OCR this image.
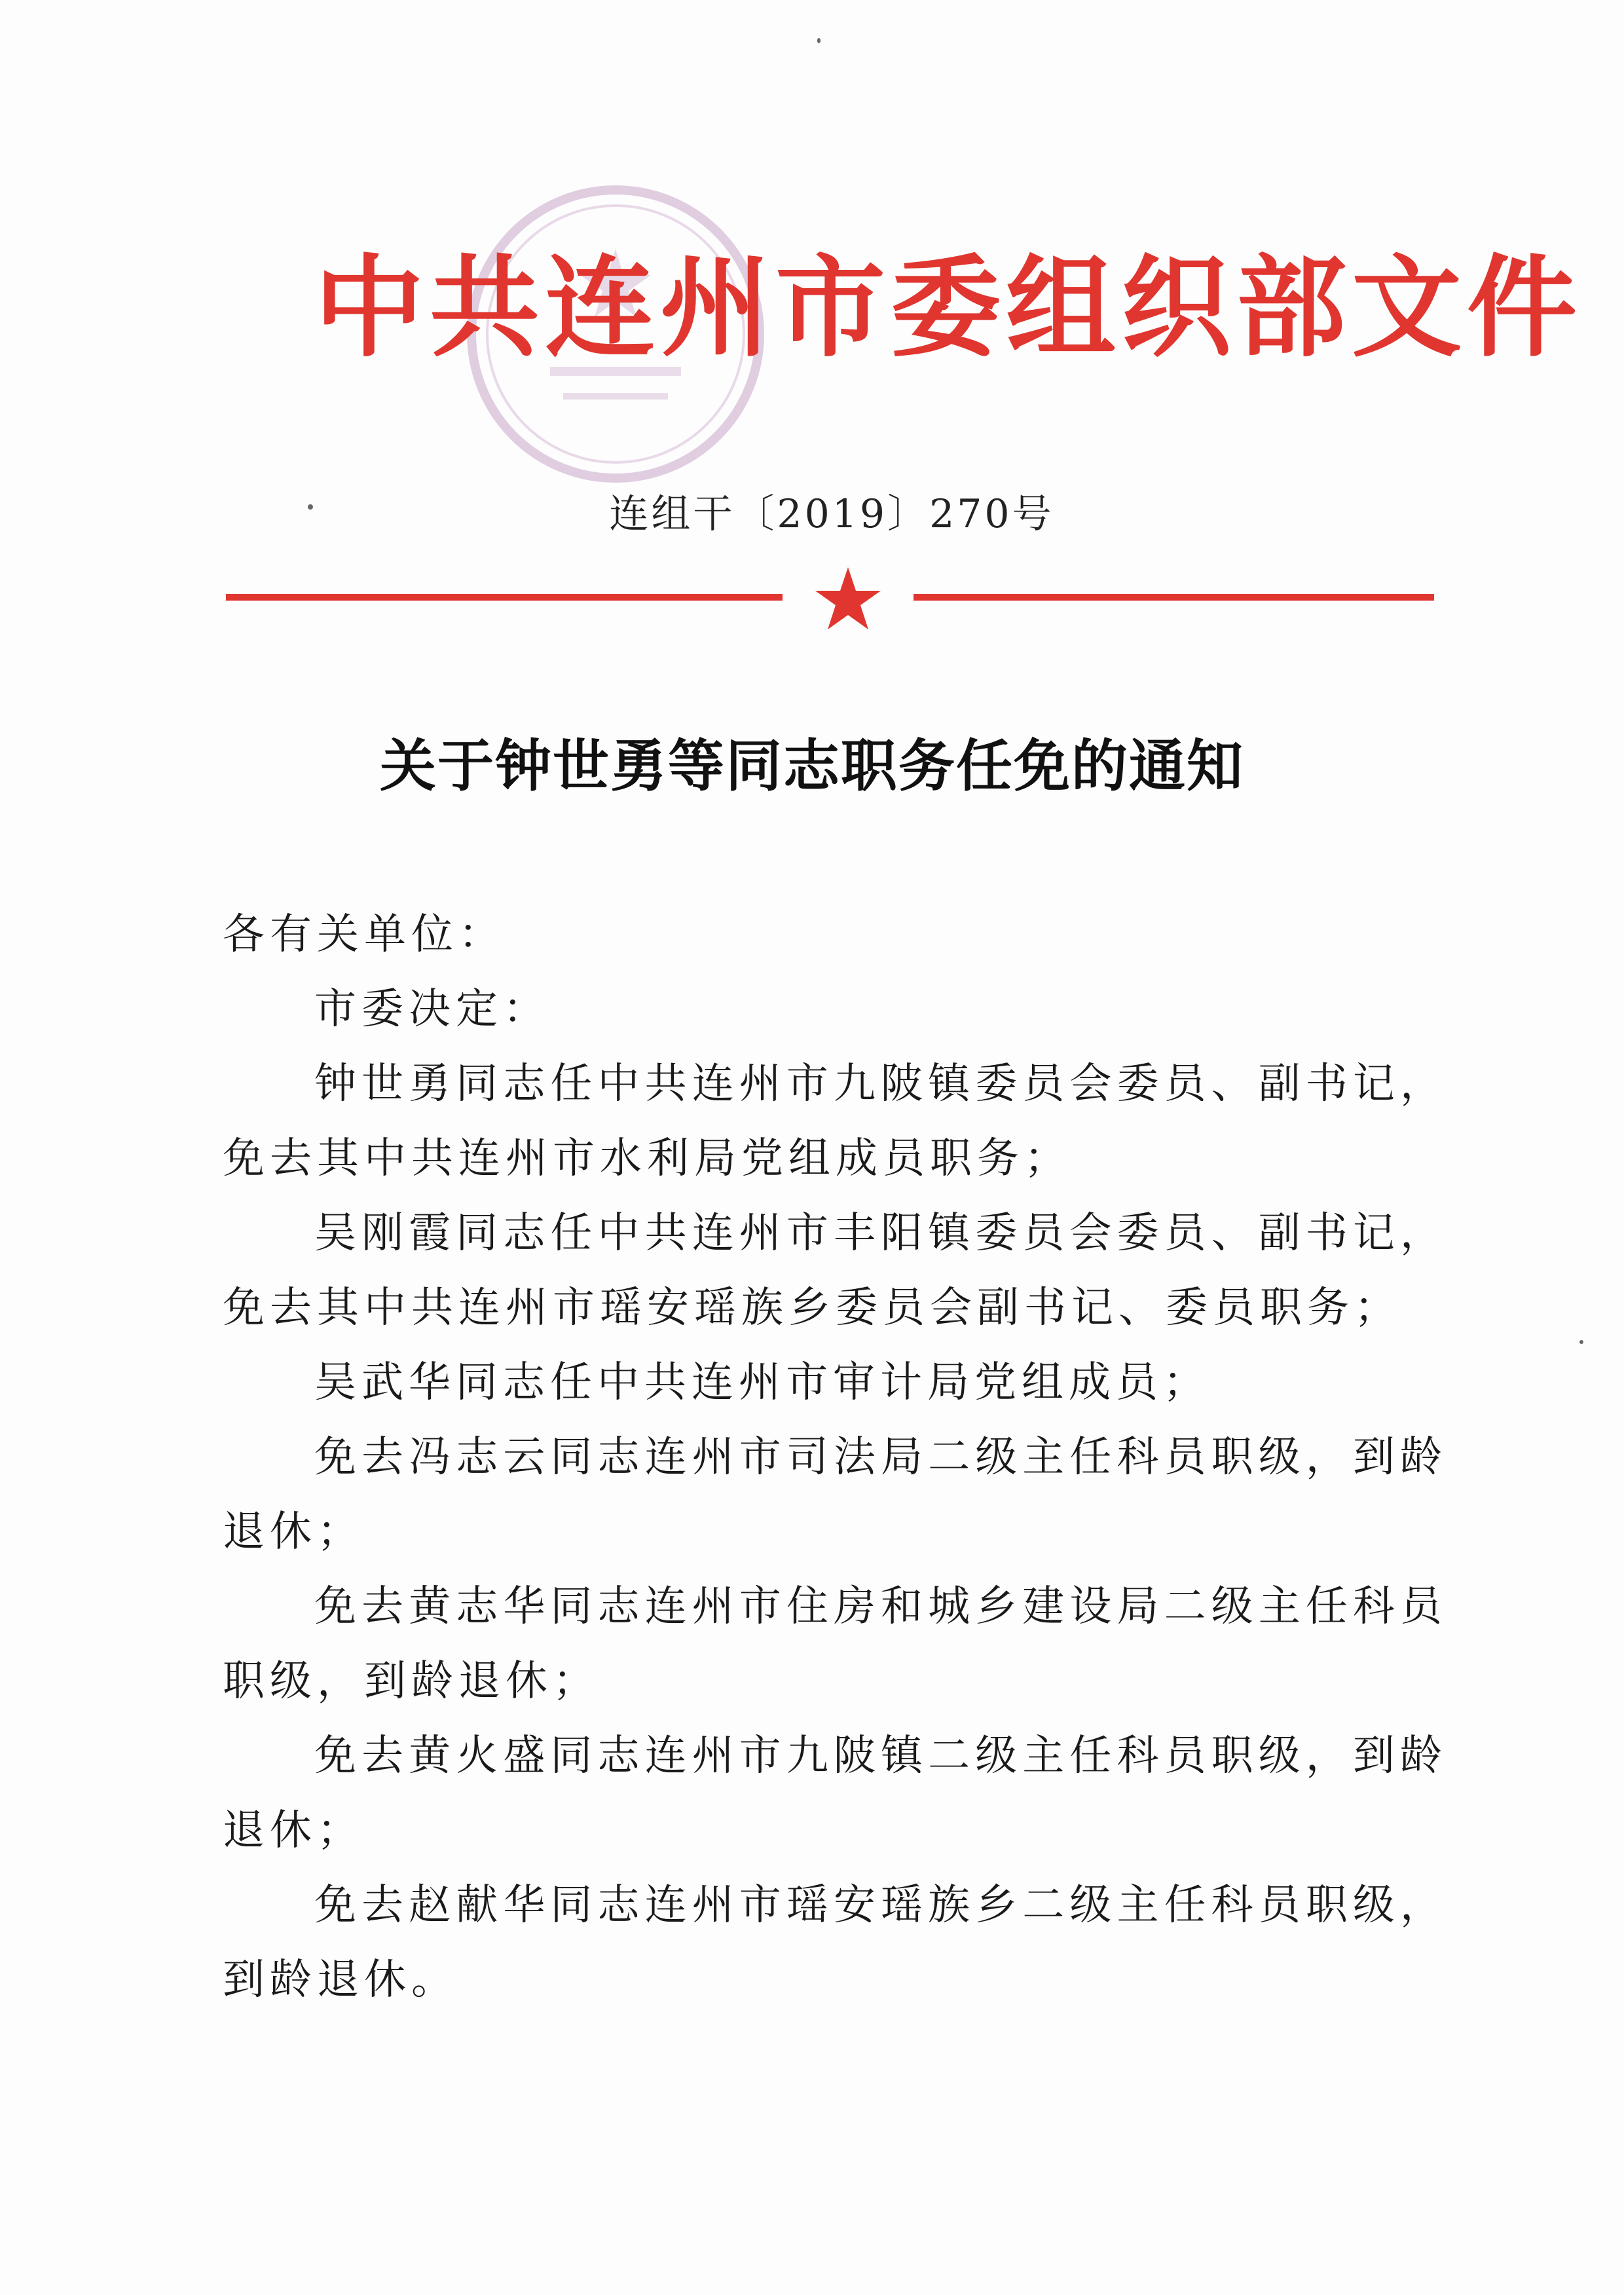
中共连州市委组织部文件
连组干〔2019〕270号
关于钟世勇等同志职务任免的通知

各有关单位：

市委决定：

钟世勇同志任中共连州市九陂镇委员会委员、副书记，免去其中共连州市水利局党组成员职务；

吴刚霞同志任中共连州市丰阳镇委员会委员、副书记，免去其中共连州市瑶安瑶族乡委员会副书记、委员职务；

吴武华同志任中共连州市审计局党组成员；

免去冯志云同志连州市司法局二级主任科员职级，到龄退休；

免去黄志华同志连州市住房和城乡建设局二级主任科员职级，到龄退休；

免去黄火盛同志连州市九陂镇二级主任科员职级，到龄退休；

免去赵献华同志连州市瑶安瑶族乡二级主任科员职级，到龄退休。
